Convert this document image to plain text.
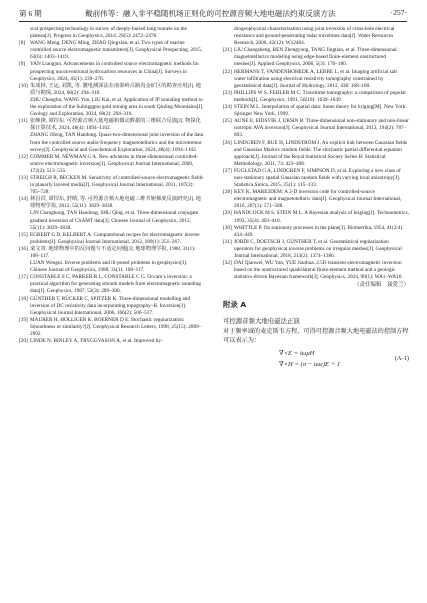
第 6 期	戴前伟等：融入非平稳随机场正则化的可控源音频大地电磁法约束反演方法	·257·
scat prospecting technology in survey of deeply-buried long tunnels on the plateau[J]. Progress in Geophysics, 2014, 29(5): 2472–2478.
[8] WANG Meng, DENG Ming, ZHAO Qingxian, et al. Two types of marine controlled source electromagnetic transmitters[J]. Geophysical Prospecting, 2015, 63(6): 1403–1419.
[9] YAN Liangjun. Advancements in controlled source electromagnetic methods for prospecting unconventional hydrocarbon resources in China[J]. Surveys in Geophysics, 2024, 45(1): 239–276.
[10] 朱成林, 王运, 刘凯, 等. 激电测深法在南秦岭吕路沟金矿区的勘查应用[J]. 地质与勘探, 2024, 60(2): 294–310.
ZHU Chenglin, WANG Yun, LIU Kai, et al. Application of IP sounding method to the exploration of the Sulingggou gold mining area in south Qinling Mountains[J]. Geology and Exploration, 2024, 60(2): 294–310.
[11] 张继锋, 谭捍东. 可控源音频大地电磁和微动数据的三维联合反演[J]. 物探化探计算技术, 2024, 48(4): 1094–1102.
ZHANG Jifeng, TAN Handong. Quasi-two-dimensional joint inversion of the data from the controlled source audio-frequency magnetotellurics and the microtremor survey[J]. Geophysical and Geochemical Exploration, 2024, 48(4): 1094–1102.
[12] COMMER M, NEWMAN G A. New advances in three-dimensional controlled-source electromagnetic inversion[J]. Geophysical Journal International, 2008, 172(2): 513–535.
[13] STREICH R, BECKEN M. Sensitivity of controlled-source electromagnetic fields in planarly layered media[J]. Geophysical Journal International, 2011, 187(2): 705–728.
[14] 林昌洪, 谭捍东, 舒晴, 等. 可控源音频大地电磁三维共轭梯度反演研究[J]. 地球物理学报, 2012, 55(11): 3829–3838.
LIN Changhong, TAN Handong, SHU Qing, et al. Three-dimensional conjugate gradient inversion of CSAMT data[J]. Chinese Journal of Geophysics, 2012, 55(11): 3829–3838.
[15] EGBERT G D, KELBERT A. Computational recipes for electromagnetic inverse problems[J]. Geophysical Journal International, 2012, 189(1): 251–267.
[16] 栾文贵. 地球物理中的反问题与不适定问题[J]. 地球物理学报, 1988, 31(1): 108–117.
LUAN Wengui. Inverse problems and ill-posed problems in geophysics[J]. Chinese Journal of Geophysics, 1988, 31(1): 108–117.
[17] CONSTABLE S C, PARKER R L, CONSTABLE C G. Occam’s inversion: a practical algorithm for generating smooth models from electromagnetic sounding data[J]. Geophysics, 1987, 52(3): 289–300.
[18] GÜNTHER T, RÜCKER C, SPITZER K. Three-dimensional modelling and inversion of DC resistivity data incorporating topography–II. Inversion[J]. Geophysical Journal International, 2006, 166(2): 506–517.
[19] MAURER H, HOLLIGER K, BOERNER D E. Stochastic regularization: Smoothness or similarity?[J]. Geophysical Research Letters, 1998, 25(15): 2889–2892.
[20] LINDE N, BINLEY A, TRYGGVASON A, et al. Improved hy-
drogeophysical characterization using joint inversion of cross-hole electrical resistance and ground-penetrating radar traveltime data[J]. Water Resources Research, 2006, 42(12): W12404.
[21] LIU Changsheng, REN Zhengyong, TANG Jingtian, et al. Three-dimensional magnetotellurics modeling using edge-based finite-element unstructured meshes[J]. Applied Geophysics, 2008, 5(3): 170–180.
[22] HERMANS T, VANDENBOHEDE A, LEBBE L, et al. Imaging artificial salt water infiltration using electrical resistivity tomography constrained by geostatistical data[J]. Journal of Hydrology, 2012, 438: 168–180.
[23] PHILLIPS W S, FEHLER M C. Traveltime tomography: a comparison of popular methods[J]. Geophysics, 1991, 56(10): 1639–1649.
[24] STEIN M L. Interpolation of spatial data: Some theory for kriging[M]. New York: Springer New York, 1999.
[25] AUNE E, EIDSVIK J, URSIN B. Three-dimensional non-stationary and non-linear isotropic AVA inversion[J]. Geophysical Journal International, 2013, 194(2): 787–803.
[26] LINDGREN F, RUE H, LINDSTRÖM J. An explicit link between Gaussian fields and Gaussian Markov random fields: The stochastic partial differential equation approach[J]. Journal of the Royal Statistical Society Series B: Statistical Methodology, 2011, 73: 423–498.
[27] FUGLSTAD G A, LINDGREN F, SIMPSON D, et al. Exploring a new class of non-stationary spatial Gaussian random fields with varying local anisotropy[J]. Statistica Sinica, 2015, 25(1): 115–133.
[28] KEY K. MARE2DEM: A 2-D inversion code for controlled-source electromagnetic and magnetotelluric data[J]. Geophysical Journal International, 2016, 207(1): 571–588.
[29] HANDCOCK M S, STEIN M L. A Bayesian analysis of kriging[J]. Technometrics, 1993, 35(4): 403–410.
[30] WHITTLE P. On stationary processes in the plane[J]. Biometrika, 1954, 41(3/4): 434–449.
[31] JORDI C, DOETSCH J, GÜNTHER T, et al. Geostatistical regularization operators for geophysical inverse problems on irregular meshes[J]. Geophysical Journal International, 2018, 213(2): 1374–1386.
[32] DAI Qianwei, WU Yan, YUE Jianhua. 2.5D transient electromagnetic inversion based on the unstructured quadrilateral finite-element method and a geologic statistics-driven Bayesian framework[J]. Geophysics, 2024, 90(1): WA1–WA16.
（责任编辑　聂爱兰）
附录 A
可控源音频大地电磁法正演
对于频率域的麦克斯韦方程，可得可控源音频大地电磁法的控制方程可以表示为：
∇×E = iωμH
∇×H = (σ − iωε)E + J
(A-1)
